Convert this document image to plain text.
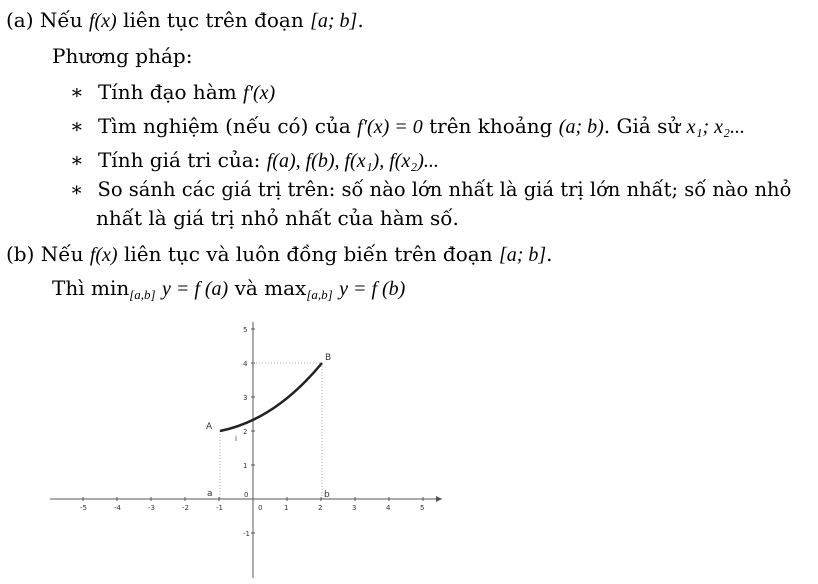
(a) Nếu f(x) liên tục trên đoạn [a; b].
Phương pháp:
∗ Tính đạo hàm f′(x)
∗ Tìm nghiệm (nếu có) của f′(x) = 0 trên khoảng (a; b). Giả sử x₁; x₂...
∗ Tính giá tri của: f(a), f(b), f(x₁), f(x₂)...
∗ So sánh các giá trị trên: số nào lớn nhất là giá trị lớn nhất; số nào nhỏ
nhất là giá trị nhỏ nhất của hàm số.
(b) Nếu f(x) liên tục và luôn đồng biến trên đoạn [a; b].
Thì $\min_{[a,b]} y = f$ (a) và $\max_{[a,b]} y = f$ (b)
-5	-4	-3	-2	-1	0	1	2	3	4	5
5
4
3
2
1
-1
A
B
a	b
0
i
